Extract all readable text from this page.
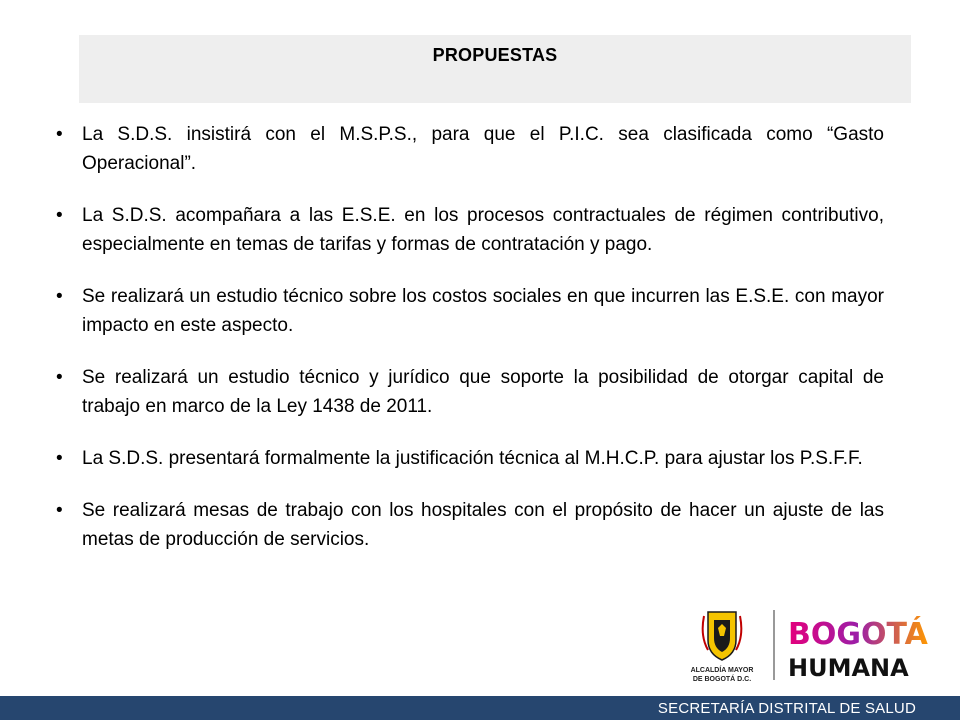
PROPUESTAS
• La S.D.S. insistirá con el M.S.P.S., para que el P.I.C. sea clasificada como “Gasto Operacional”.
• La S.D.S. acompañara a las E.S.E. en los procesos contractuales de régimen contributivo, especialmente en temas de tarifas y formas de contratación y pago.
• Se realizará un estudio técnico sobre los costos sociales en que incurren las E.S.E. con mayor impacto en este aspecto.
• Se realizará un estudio técnico y jurídico que soporte la posibilidad de otorgar capital de trabajo en marco de la Ley 1438 de 2011.
• La S.D.S. presentará formalmente la justificación técnica al M.H.C.P. para ajustar los P.S.F.F.
• Se realizará mesas de trabajo con los hospitales con el propósito de hacer un ajuste de las metas de producción de servicios.
ALCALDÍA MAYOR
DE BOGOTÁ D.C.
BOGOTÁ
HUMANA
SECRETARÍA DISTRITAL DE SALUD
